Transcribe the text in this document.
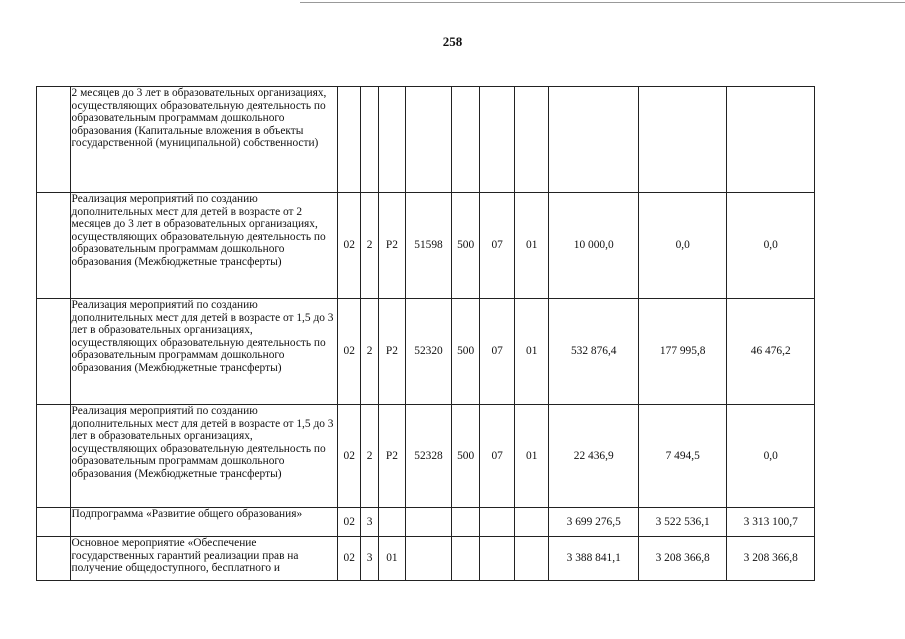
258
	2 месяцев до 3 лет в образовательных организациях, осуществляющих образовательную деятельность по образовательным программам дошкольного образования (Капитальные вложения в объекты государственной (муниципальной) собственности)										
	Реализация мероприятий по созданию дополнительных мест для детей в возрасте от 2 месяцев до 3 лет в образовательных организациях, осуществляющих образовательную деятельность по образовательным программам дошкольного образования (Межбюджетные трансферты)	02	2	Р2	51598	500	07	01	10 000,0	0,0	0,0
	Реализация мероприятий по созданию дополнительных мест для детей в возрасте от 1,5 до 3 лет в образовательных организациях, осуществляющих образовательную деятельность по образовательным программам дошкольного образования (Межбюджетные трансферты)	02	2	Р2	52320	500	07	01	532 876,4	177 995,8	46 476,2
	Реализация мероприятий по созданию дополнительных мест для детей в возрасте от 1,5 до 3 лет в образовательных организациях, осуществляющих образовательную деятельность по образовательным программам дошкольного образования (Межбюджетные трансферты)	02	2	Р2	52328	500	07	01	22 436,9	7 494,5	0,0
	Подпрограмма «Развитие общего образования»	02	3						3 699 276,5	3 522 536,1	3 313 100,7
	Основное мероприятие «Обеспечение государственных гарантий реализации прав на получение общедоступного, бесплатного и	02	3	01					3 388 841,1	3 208 366,8	3 208 366,8
